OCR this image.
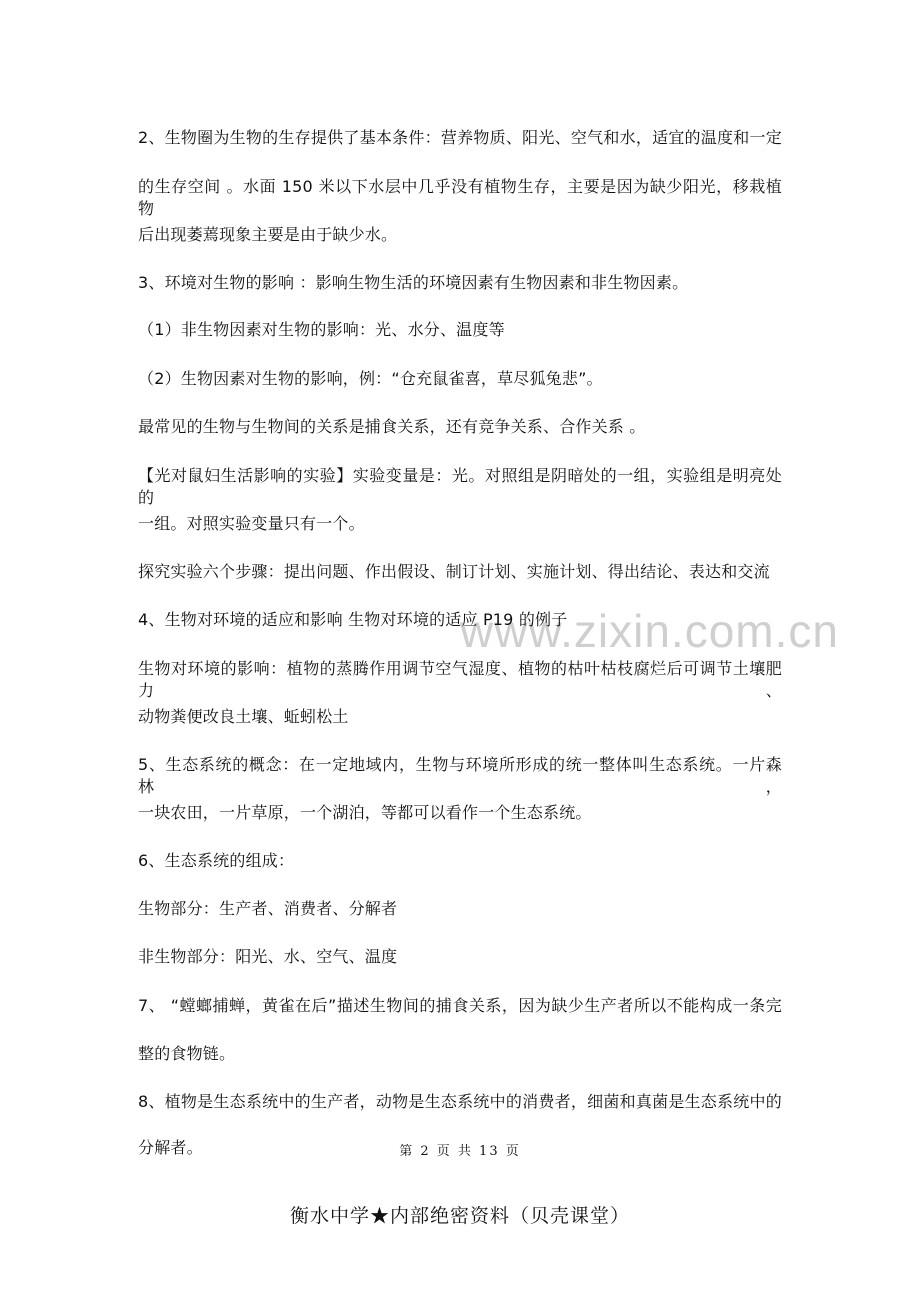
www.zixin.com.cn
2、生物圈为生物的生存提供了基本条件：营养物质、阳光、空气和水，适宜的温度和一定
的生存空间 。水面 150 米以下水层中几乎没有植物生存，主要是因为缺少阳光，移栽植物
后出现萎蔫现象主要是由于缺少水。
3、环境对生物的影响 ：影响生物生活的环境因素有生物因素和非生物因素。
（1）非生物因素对生物的影响：光、水分、温度等
（2）生物因素对生物的影响，例：“仓充鼠雀喜，草尽狐兔悲”。
最常见的生物与生物间的关系是捕食关系，还有竞争关系、合作关系 。
【光对鼠妇生活影响的实验】实验变量是：光。对照组是阴暗处的一组，实验组是明亮处的
一组。对照实验变量只有一个。
探究实验六个步骤：提出问题、作出假设、制订计划、实施计划、得出结论、表达和交流
4、生物对环境的适应和影响 生物对环境的适应 P19 的例子
生物对环境的影响：植物的蒸腾作用调节空气湿度、植物的枯叶枯枝腐烂后可调节土壤肥力、
动物粪便改良土壤、蚯蚓松土
5、生态系统的概念：在一定地域内，生物与环境所形成的统一整体叫生态系统。一片森林，
一块农田，一片草原，一个湖泊，等都可以看作一个生态系统。
6、生态系统的组成：
生物部分：生产者、消费者、分解者
非生物部分：阳光、水、空气、温度
7、 “螳螂捕蝉，黄雀在后”描述生物间的捕食关系，因为缺少生产者所以不能构成一条完
整的食物链。
8、植物是生态系统中的生产者，动物是生态系统中的消费者，细菌和真菌是生态系统中的
分解者。	第 2 页 共 13 页
衡水中学★内部绝密资料（贝壳课堂）
